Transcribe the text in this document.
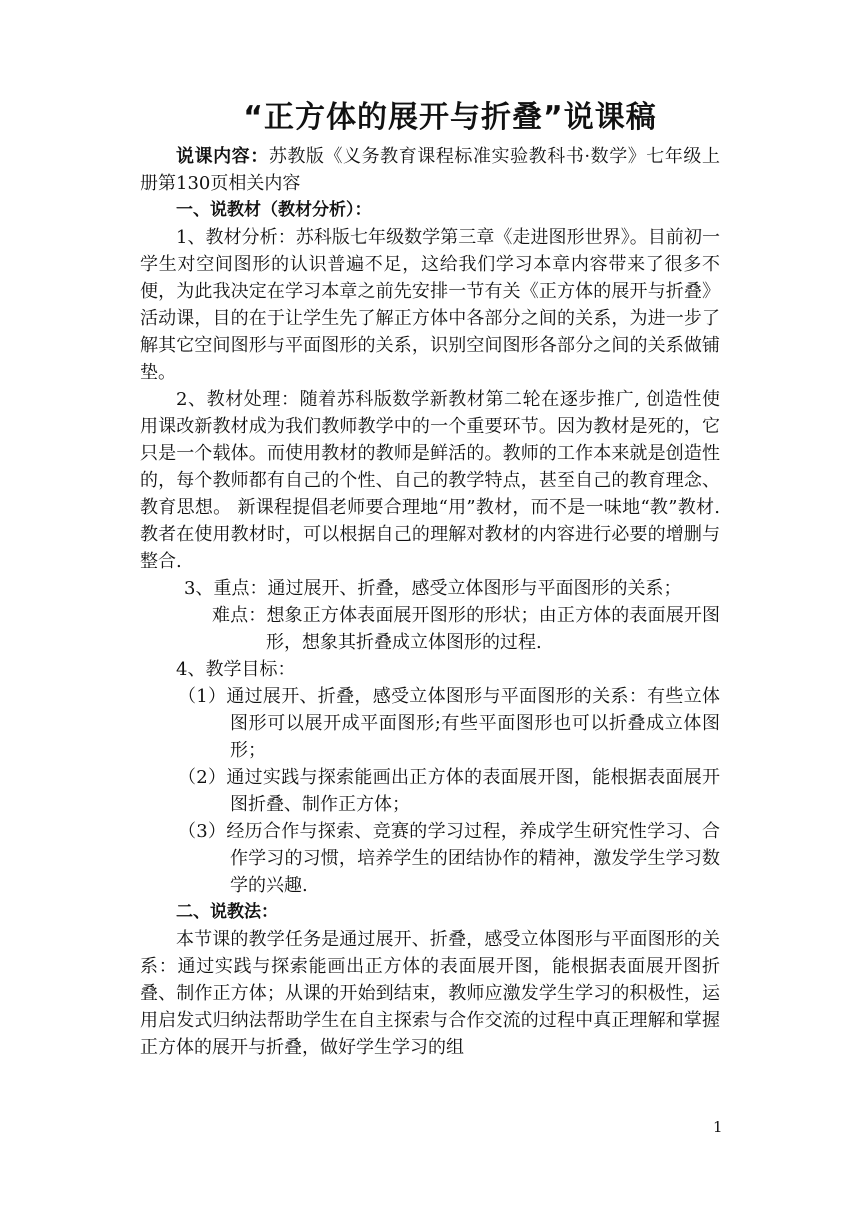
“正方体的展开与折叠”说课稿

说课内容：苏教版《义务教育课程标准实验教科书·数学》七年级上册第130页相关内容

一、说教材（教材分析）：

1、教材分析：苏科版七年级数学第三章《走进图形世界》。目前初一学生对空间图形的认识普遍不足，这给我们学习本章内容带来了很多不便，为此我决定在学习本章之前先安排一节有关《正方体的展开与折叠》活动课，目的在于让学生先了解正方体中各部分之间的关系，为进一步了解其它空间图形与平面图形的关系，识别空间图形各部分之间的关系做铺垫。

2、教材处理：随着苏科版数学新教材第二轮在逐步推广, 创造性使用课改新教材成为我们教师教学中的一个重要环节。因为教材是死的，它只是一个载体。而使用教材的教师是鲜活的。教师的工作本来就是创造性的，每个教师都有自己的个性、自己的教学特点，甚至自己的教育理念、教育思想。 新课程提倡老师要合理地“用”教材，而不是一味地“教”教材. 教者在使用教材时，可以根据自己的理解对教材的内容进行必要的增删与整合.

3、重点：通过展开、折叠，感受立体图形与平面图形的关系；

难点：想象正方体表面展开图形的形状；由正方体的表面展开图形，想象其折叠成立体图形的过程.

4、教学目标：

（1）通过展开、折叠，感受立体图形与平面图形的关系：有些立体图形可以展开成平面图形;有些平面图形也可以折叠成立体图形；

（2）通过实践与探索能画出正方体的表面展开图，能根据表面展开图折叠、制作正方体；

（3）经历合作与探索、竞赛的学习过程，养成学生研究性学习、合作学习的习惯，培养学生的团结协作的精神，激发学生学习数学的兴趣.

二、说教法：

本节课的教学任务是通过展开、折叠，感受立体图形与平面图形的关系：通过实践与探索能画出正方体的表面展开图，能根据表面展开图折叠、制作正方体；从课的开始到结束，教师应激发学生学习的积极性，运用启发式归纳法帮助学生在自主探索与合作交流的过程中真正理解和掌握正方体的展开与折叠，做好学生学习的组

1
